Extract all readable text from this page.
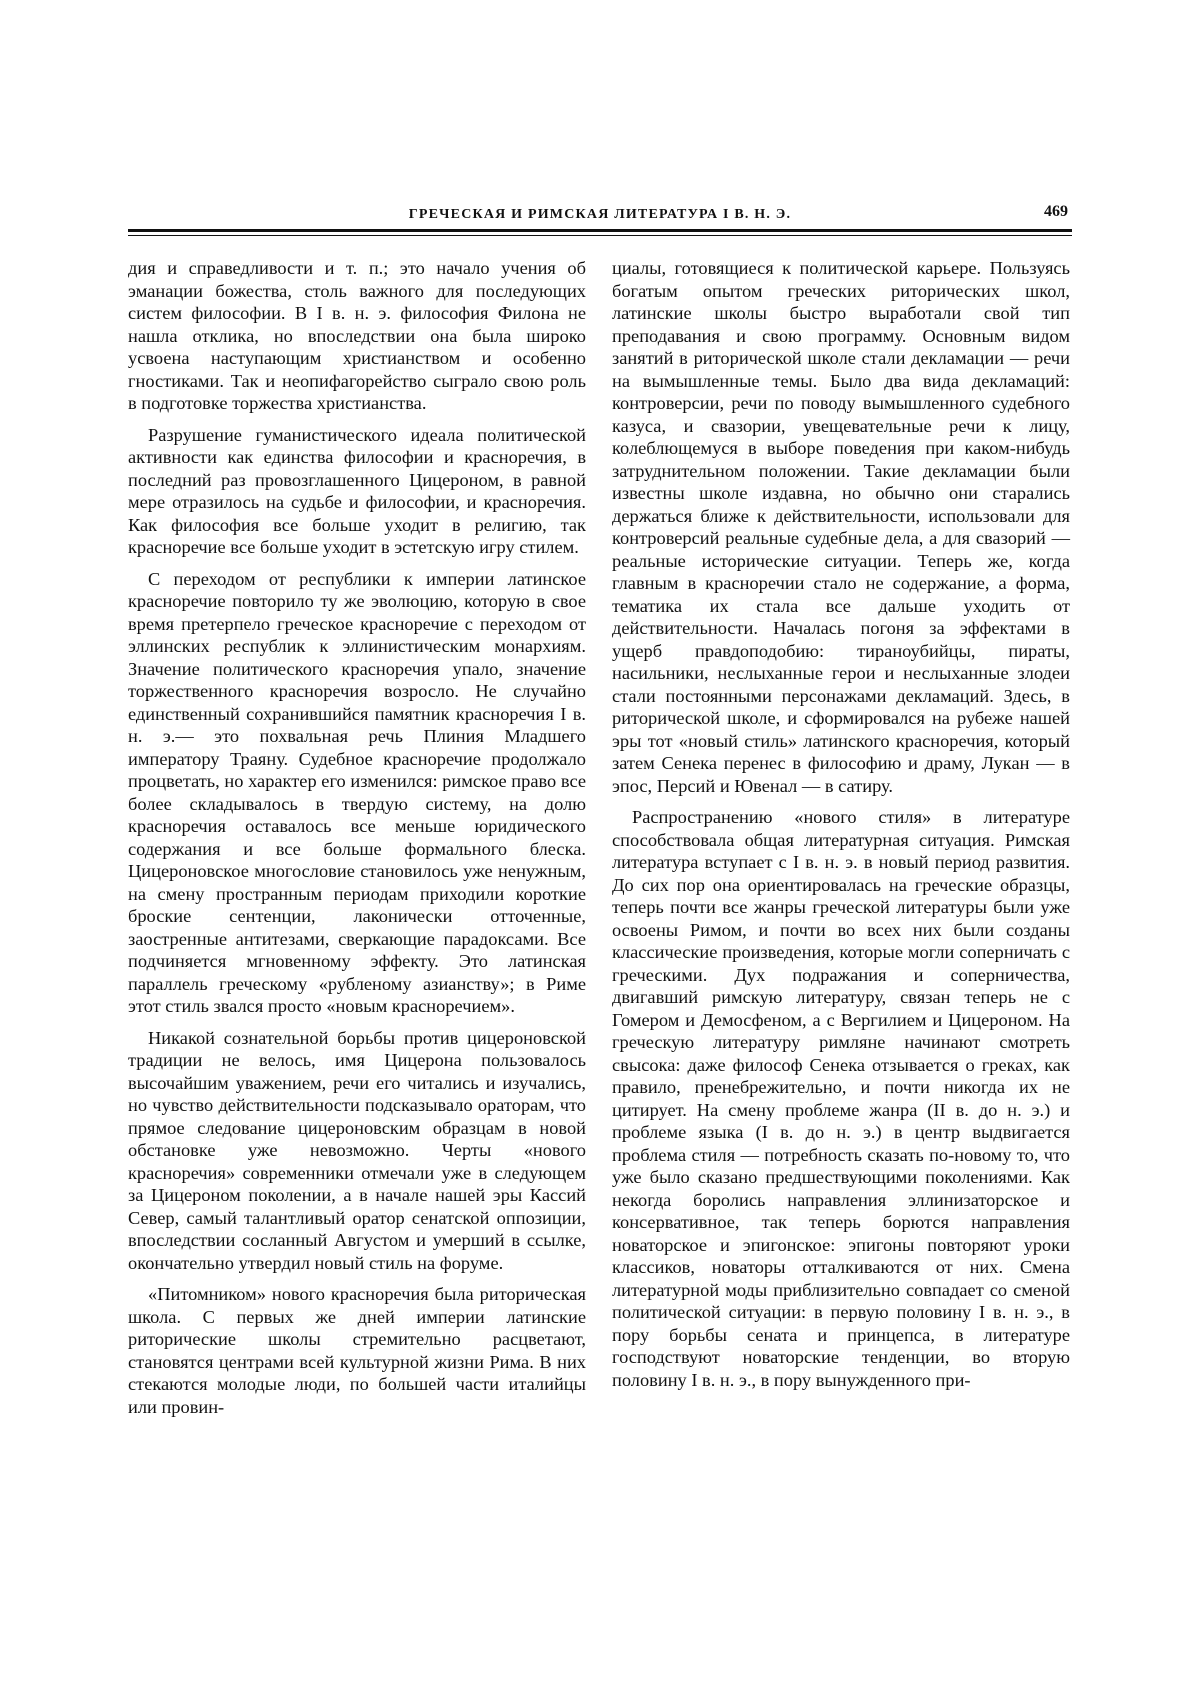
ГРЕЧЕСКАЯ И РИМСКАЯ ЛИТЕРАТУРА I В. Н. Э.	469

дия и справедливости и т. п.; это начало учения об эманации божества, столь важного для последующих систем философии. В I в. н. э. философия Филона не нашла отклика, но впоследствии она была широко усвоена наступающим христианством и особенно гностиками. Так и неопифагорейство сыграло свою роль в подготовке торжества христианства.

Разрушение гуманистического идеала политической активности как единства философии и красноречия, в последний раз провозглашенного Цицероном, в равной мере отразилось на судьбе и философии, и красноречия. Как философия все больше уходит в религию, так красноречие все больше уходит в эстетскую игру стилем.

С переходом от республики к империи латинское красноречие повторило ту же эволюцию, которую в свое время претерпело греческое красноречие с переходом от эллинских республик к эллинистическим монархиям. Значение политического красноречия упало, значение торжественного красноречия возросло. Не случайно единственный сохранившийся памятник красноречия I в. н. э.— это похвальная речь Плиния Младшего императору Траяну. Судебное красноречие продолжало процветать, но характер его изменился: римское право все более складывалось в твердую систему, на долю красноречия оставалось все меньше юридического содержания и все больше формального блеска. Цицероновское многословие становилось уже ненужным, на смену пространным периодам приходили короткие броские сентенции, лаконически отточенные, заостренные антитезами, сверкающие парадоксами. Все подчиняется мгновенному эффекту. Это латинская параллель греческому «рубленому азианству»; в Риме этот стиль звался просто «новым красноречием».

Никакой сознательной борьбы против цицероновской традиции не велось, имя Цицерона пользовалось высочайшим уважением, речи его читались и изучались, но чувство действительности подсказывало ораторам, что прямое следование цицероновским образцам в новой обстановке уже невозможно. Черты «нового красноречия» современники отмечали уже в следующем за Цицероном поколении, а в начале нашей эры Кассий Север, самый талантливый оратор сенатской оппозиции, впоследствии сосланный Августом и умерший в ссылке, окончательно утвердил новый стиль на форуме.

«Питомником» нового красноречия была риторическая школа. С первых же дней империи латинские риторические школы стремительно расцветают, становятся центрами всей культурной жизни Рима. В них стекаются молодые люди, по большей части италийцы или провин-

циалы, готовящиеся к политической карьере. Пользуясь богатым опытом греческих риторических школ, латинские школы быстро выработали свой тип преподавания и свою программу. Основным видом занятий в риторической школе стали декламации — речи на вымышленные темы. Было два вида декламаций: контроверсии, речи по поводу вымышленного судебного казуса, и свазории, увещевательные речи к лицу, колеблющемуся в выборе поведения при каком-нибудь затруднительном положении. Такие декламации были известны школе издавна, но обычно они старались держаться ближе к действительности, использовали для контроверсий реальные судебные дела, а для свазорий — реальные исторические ситуации. Теперь же, когда главным в красноречии стало не содержание, а форма, тематика их стала все дальше уходить от действительности. Началась погоня за эффектами в ущерб правдоподобию: тираноубийцы, пираты, насильники, неслыханные герои и неслыханные злодеи стали постоянными персонажами декламаций. Здесь, в риторической школе, и сформировался на рубеже нашей эры тот «новый стиль» латинского красноречия, который затем Сенека перенес в философию и драму, Лукан — в эпос, Персий и Ювенал — в сатиру.

Распространению «нового стиля» в литературе способствовала общая литературная ситуация. Римская литература вступает с I в. н. э. в новый период развития. До сих пор она ориентировалась на греческие образцы, теперь почти все жанры греческой литературы были уже освоены Римом, и почти во всех них были созданы классические произведения, которые могли соперничать с греческими. Дух подражания и соперничества, двигавший римскую литературу, связан теперь не с Гомером и Демосфеном, а с Вергилием и Цицероном. На греческую литературу римляне начинают смотреть свысока: даже философ Сенека отзывается о греках, как правило, пренебрежительно, и почти никогда их не цитирует. На смену проблеме жанра (II в. до н. э.) и проблеме языка (I в. до н. э.) в центр выдвигается проблема стиля — потребность сказать по-новому то, что уже было сказано предшествующими поколениями. Как некогда боролись направления эллинизаторское и консервативное, так теперь борются направления новаторское и эпигонское: эпигоны повторяют уроки классиков, новаторы отталкиваются от них. Смена литературной моды приблизительно совпадает со сменой политической ситуации: в первую половину I в. н. э., в пору борьбы сената и принцепса, в литературе господствуют новаторские тенденции, во вторую половину I в. н. э., в пору вынужденного при-
